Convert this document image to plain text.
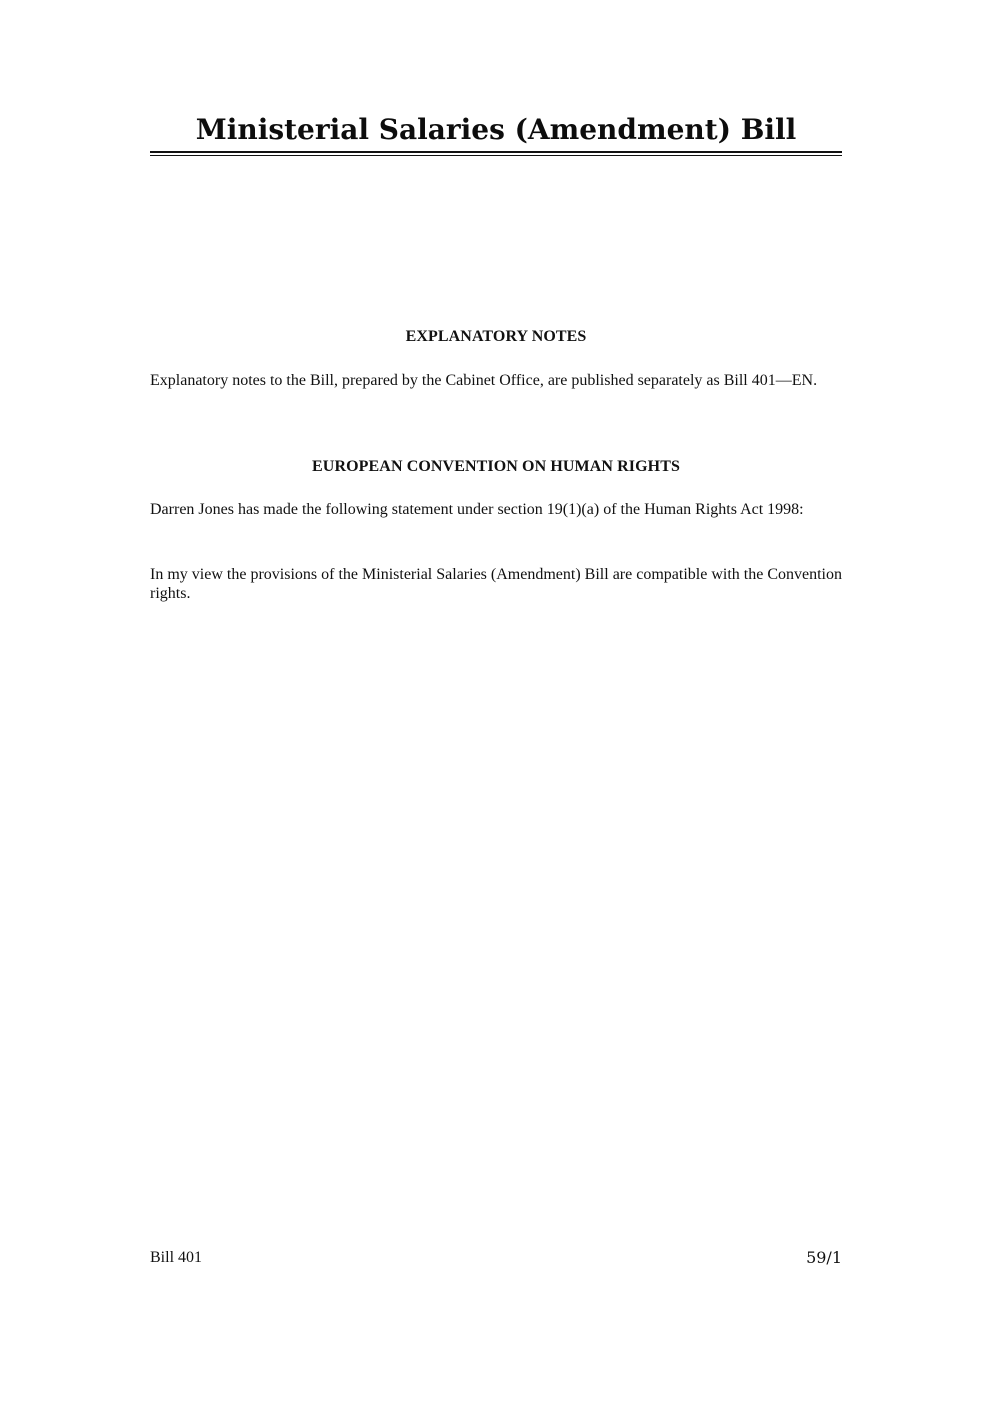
Ministerial Salaries (Amendment) Bill
EXPLANATORY NOTES

Explanatory notes to the Bill, prepared by the Cabinet Office, are published separately as Bill 401—EN.

EUROPEAN CONVENTION ON HUMAN RIGHTS

Darren Jones has made the following statement under section 19(1)(a) of the Human Rights Act 1998:

In my view the provisions of the Ministerial Salaries (Amendment) Bill are compatible with the Convention rights.

Bill 401	59/1
